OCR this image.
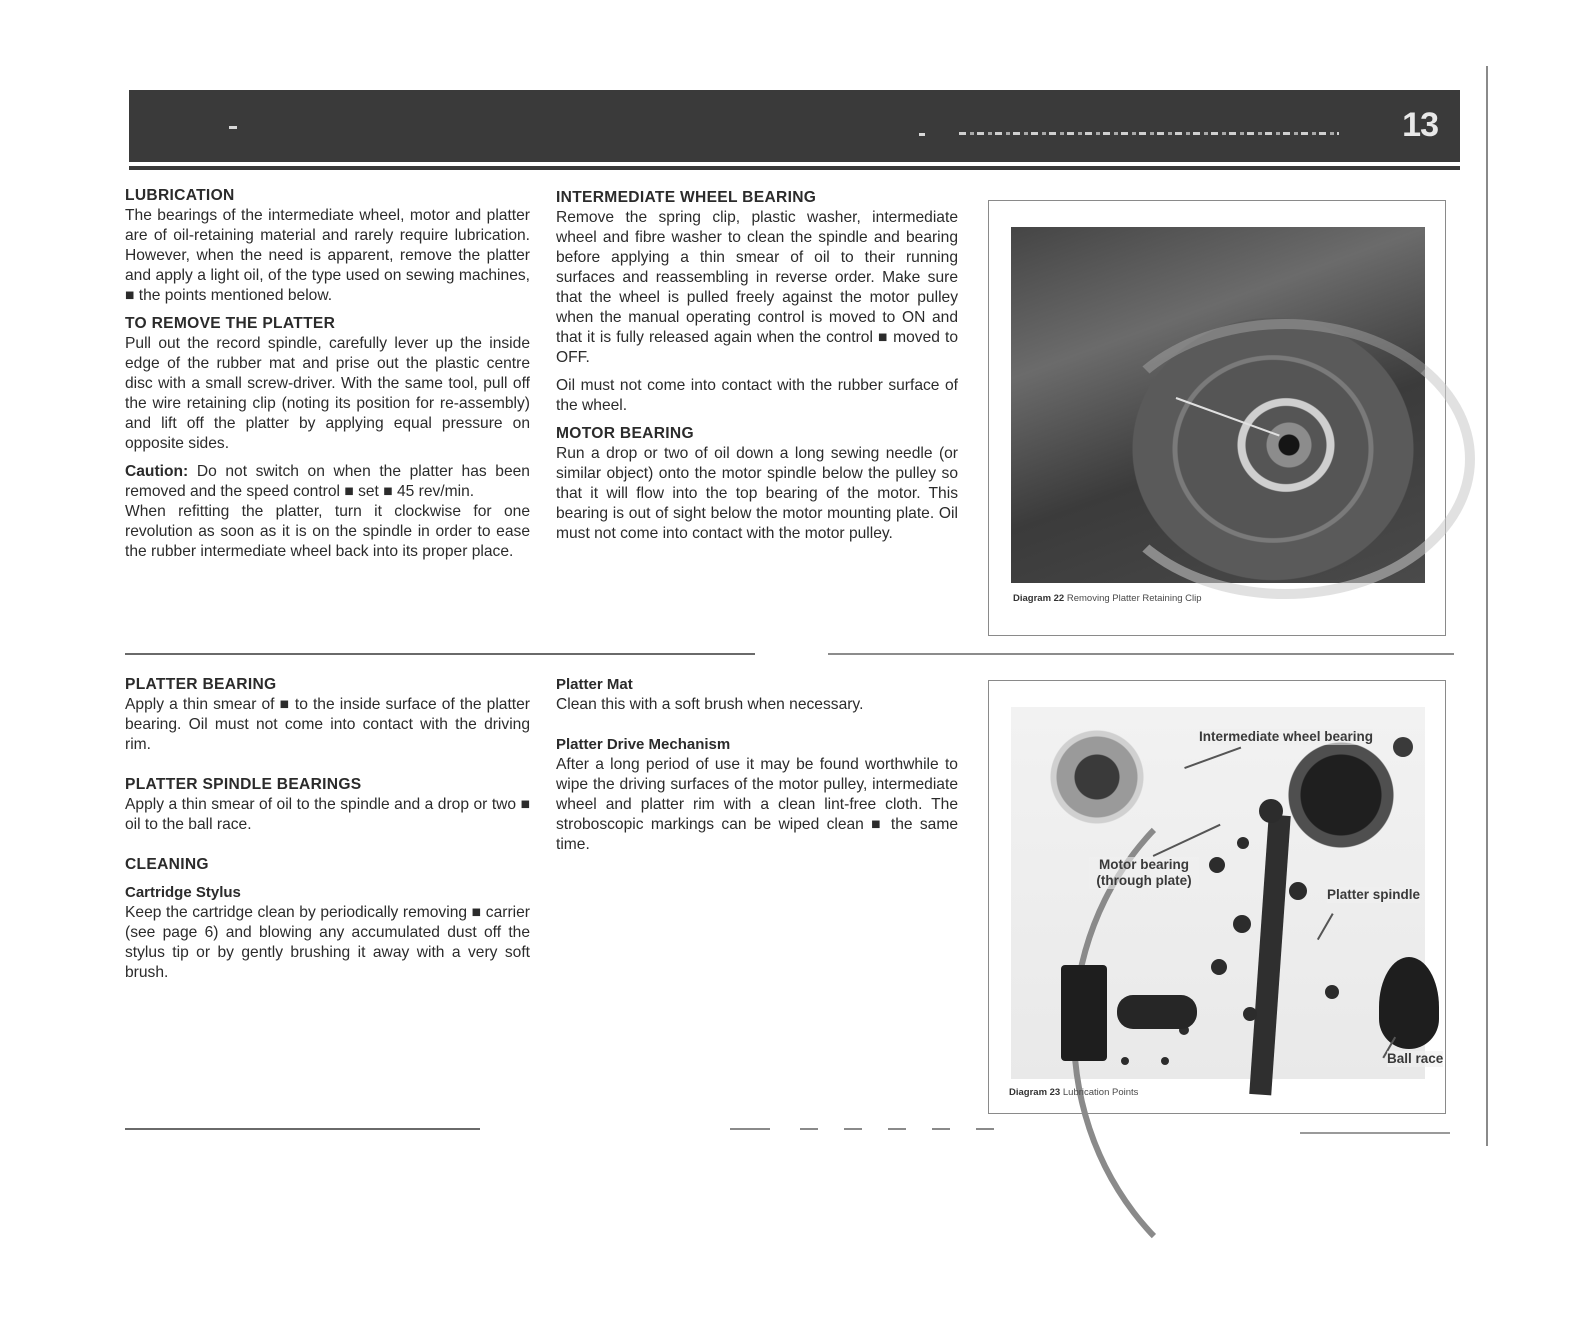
13
LUBRICATION

The bearings of the intermediate wheel, motor and platter are of oil-retaining material and rarely require lubrication. However, when the need is apparent, remove the platter and apply a light oil, of the type used on sewing machines, ■ the points mentioned below.

TO REMOVE THE PLATTER

Pull out the record spindle, carefully lever up the inside edge of the rubber mat and prise out the plastic centre disc with a small screw-driver. With the same tool, pull off the wire retaining clip (noting its position for re-assembly) and lift off the platter by applying equal pressure on opposite sides.

Caution: Do not switch on when the platter has been removed and the speed control ■ set ■ 45 rev/min.

When refitting the platter, turn it clockwise for one revolution as soon as it is on the spindle in order to ease the rubber intermediate wheel back into its proper place.

INTERMEDIATE WHEEL BEARING

Remove the spring clip, plastic washer, intermediate wheel and fibre washer to clean the spindle and bearing before applying a thin smear of oil to their running surfaces and reassembling in reverse order. Make sure that the wheel is pulled freely against the motor pulley when the manual operating control is moved to ON and that it is fully released again when the control ■ moved to OFF.

Oil must not come into contact with the rubber surface of the wheel.

MOTOR BEARING

Run a drop or two of oil down a long sewing needle (or similar object) onto the motor spindle below the pulley so that it will flow into the top bearing of the motor. This bearing is out of sight below the motor mounting plate. Oil must not come into contact with the motor pulley.

Diagram 22 Removing Platter Retaining Clip
PLATTER BEARING

Apply a thin smear of ■ to the inside surface of the platter bearing. Oil must not come into contact with the driving rim.

PLATTER SPINDLE BEARINGS

Apply a thin smear of oil to the spindle and a drop or two ■ oil to the ball race.

CLEANING
Cartridge Stylus

Keep the cartridge clean by periodically removing ■ carrier (see page 6) and blowing any accumulated dust off the stylus tip or by gently brushing it away with a very soft brush.

Platter Mat

Clean this with a soft brush when necessary.

Platter Drive Mechanism

After a long period of use it may be found worthwhile to wipe the driving surfaces of the motor pulley, intermediate wheel and platter rim with a clean lint-free cloth. The stroboscopic markings can be wiped clean ■ the same time.

Intermediate wheel bearing
Motor bearing (through plate)
Platter spindle
Ball race
Diagram 23 Lubrication Points
